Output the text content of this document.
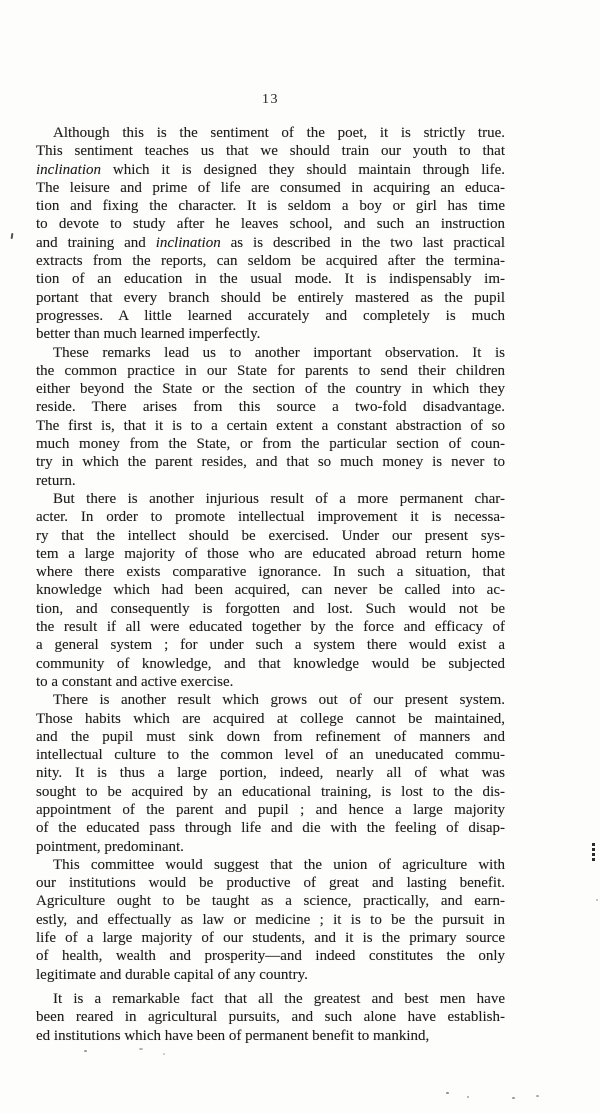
13
Although this is the sentiment of the poet, it is strictly true.
This sentiment teaches us that we should train our youth to that
inclination which it is designed they should maintain through life.
The leisure and prime of life are consumed in acquiring an educa-
tion and fixing the character. It is seldom a boy or girl has time
to devote to study after he leaves school, and such an instruction
and training and inclination as is described in the two last practical
extracts from the reports, can seldom be acquired after the termina-
tion of an education in the usual mode. It is indispensably im-
portant that every branch should be entirely mastered as the pupil
progresses. A little learned accurately and completely is much
better than much learned imperfectly.
These remarks lead us to another important observation. It is
the common practice in our State for parents to send their children
either beyond the State or the section of the country in which they
reside. There arises from this source a two-fold disadvantage.
The first is, that it is to a certain extent a constant abstraction of so
much money from the State, or from the particular section of coun-
try in which the parent resides, and that so much money is never to
return.
But there is another injurious result of a more permanent char-
acter. In order to promote intellectual improvement it is necessa-
ry that the intellect should be exercised. Under our present sys-
tem a large majority of those who are educated abroad return home
where there exists comparative ignorance. In such a situation, that
knowledge which had been acquired, can never be called into ac-
tion, and consequently is forgotten and lost. Such would not be
the result if all were educated together by the force and efficacy of
a general system ; for under such a system there would exist a
community of knowledge, and that knowledge would be subjected
to a constant and active exercise.
There is another result which grows out of our present system.
Those habits which are acquired at college cannot be maintained,
and the pupil must sink down from refinement of manners and
intellectual culture to the common level of an uneducated commu-
nity. It is thus a large portion, indeed, nearly all of what was
sought to be acquired by an educational training, is lost to the dis-
appointment of the parent and pupil ; and hence a large majority
of the educated pass through life and die with the feeling of disap-
pointment, predominant.
This committee would suggest that the union of agriculture with
our institutions would be productive of great and lasting benefit.
Agriculture ought to be taught as a science, practically, and earn-
estly, and effectually as law or medicine ; it is to be the pursuit in
life of a large majority of our students, and it is the primary source
of health, wealth and prosperity—and indeed constitutes the only
legitimate and durable capital of any country.
It is a remarkable fact that all the greatest and best men have
been reared in agricultural pursuits, and such alone have establish-
ed institutions which have been of permanent benefit to mankind,
